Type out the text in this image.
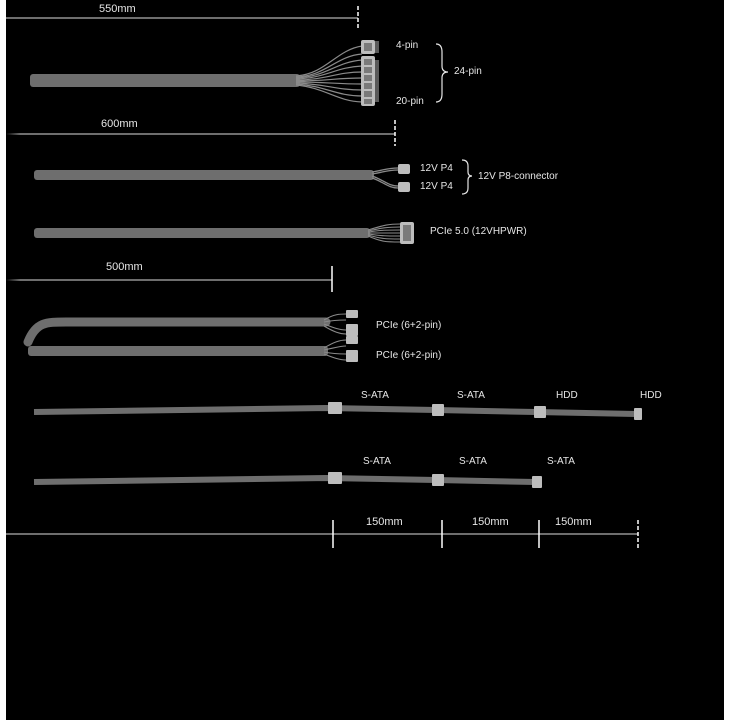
550mm
4-pin
24-pin
20-pin
600mm
12V P4
12V P4
12V P8-connector
PCIe 5.0 (12VHPWR)
500mm
PCIe (6+2-pin)
PCIe (6+2-pin)
S-ATA	S-ATA	HDD	HDD
S-ATA	S-ATA	S-ATA
150mm	150mm	150mm
